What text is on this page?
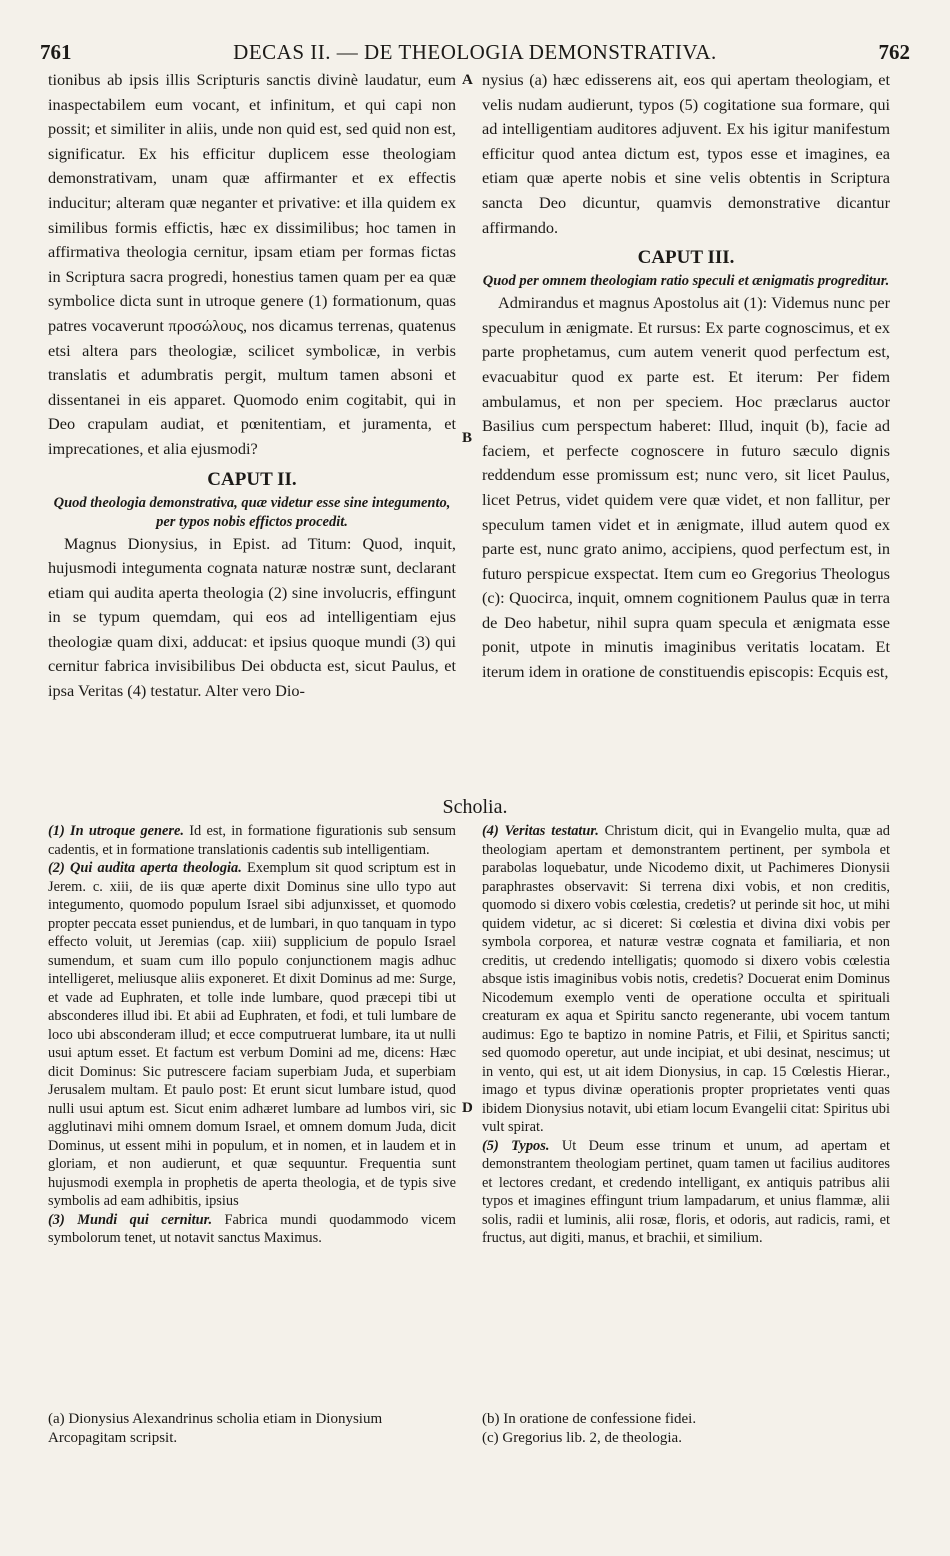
761	DECAS II. — DE THEOLOGIA DEMONSTRATIVA.	762

tionibus ab ipsis illis Scripturis sanctis divinè laudatur, eum inaspectabilem eum vocant, et infinitum, et qui capi non possit; et similiter in aliis, unde non quid est, sed quid non est, significatur. Ex his efficitur duplicem esse theologiam demonstrativam, unam quæ affirmanter et ex effectis inducitur; alteram quæ neganter et privative: et illa quidem ex similibus formis effictis, hæc ex dissimilibus; hoc tamen in affirmativa theologia cernitur, ipsam etiam per formas fictas in Scriptura sacra progredi, honestius tamen quam per ea quæ symbolice dicta sunt in utroque genere (1) formationum, quas patres vocaverunt προσώλους, nos dicamus terrenas, quatenus etsi altera pars theologiæ, scilicet symbolicæ, in verbis translatis et adumbratis pergit, multum tamen absoni et dissentanei in eis apparet. Quomodo enim cogitabit, qui in Deo crapulam audiat, et pœnitentiam, et juramenta, et imprecationes, et alia ejusmodi?

CAPUT II.

Quod theologia demonstrativa, quæ videtur esse sine integumento, per typos nobis effictos procedit.

Magnus Dionysius, in Epist. ad Titum: Quod, inquit, hujusmodi integumenta cognata naturæ nostræ sunt, declarant etiam qui audita aperta theologia (2) sine involucris, effingunt in se typum quemdam, qui eos ad intelligentiam ejus theologiæ quam dixi, adducat: et ipsius quoque mundi (3) qui cernitur fabrica invisibilibus Dei obducta est, sicut Paulus, et ipsa Veritas (4) testatur. Alter vero Dio-

A
B

nysius (a) hæc edisserens ait, eos qui apertam theologiam, et velis nudam audierunt, typos (5) cogitatione sua formare, qui ad intelligentiam auditores adjuvent. Ex his igitur manifestum efficitur quod antea dictum est, typos esse et imagines, ea etiam quæ aperte nobis et sine velis obtentis in Scriptura sancta Deo dicuntur, quamvis demonstrative dicantur affirmando.

CAPUT III.

Quod per omnem theologiam ratio speculi et ænigmatis progreditur.

Admirandus et magnus Apostolus ait (1): Videmus nunc per speculum in ænigmate. Et rursus: Ex parte cognoscimus, et ex parte prophetamus, cum autem venerit quod perfectum est, evacuabitur quod ex parte est. Et iterum: Per fidem ambulamus, et non per speciem. Hoc præclarus auctor Basilius cum perspectum haberet: Illud, inquit (b), facie ad faciem, et perfecte cognoscere in futuro sæculo dignis reddendum esse promissum est; nunc vero, sit licet Paulus, licet Petrus, videt quidem vere quæ videt, et non fallitur, per speculum tamen videt et in ænigmate, illud autem quod ex parte est, nunc grato animo, accipiens, quod perfectum est, in futuro perspicue exspectat. Item cum eo Gregorius Theologus (c): Quocirca, inquit, omnem cognitionem Paulus quæ in terra de Deo habetur, nihil supra quam specula et ænigmata esse ponit, utpote in minutis imaginibus veritatis locatam. Et iterum idem in oratione de constituendis episcopis: Ecquis est,

Scholia.

(1) In utroque genere. Id est, in formatione figurationis sub sensum cadentis, et in formatione translationis cadentis sub intelligentiam.

(2) Qui audita aperta theologia. Exemplum sit quod scriptum est in Jerem. c. xiii, de iis quæ aperte dixit Dominus sine ullo typo aut integumento, quomodo populum Israel sibi adjunxisset, et quomodo propter peccata esset puniendus, et de lumbari, in quo tanquam in typo effecto voluit, ut Jeremias (cap. xiii) supplicium de populo Israel sumendum, et suam cum illo populo conjunctionem magis adhuc intelligeret, meliusque aliis exponeret. Et dixit Dominus ad me: Surge, et vade ad Euphraten, et tolle inde lumbare, quod præcepi tibi ut absconderes illud ibi. Et abii ad Euphraten, et fodi, et tuli lumbare de loco ubi absconderam illud; et ecce computruerat lumbare, ita ut nulli usui aptum esset. Et factum est verbum Domini ad me, dicens: Hæc dicit Dominus: Sic putrescere faciam superbiam Juda, et superbiam Jerusalem multam. Et paulo post: Et erunt sicut lumbare istud, quod nulli usui aptum est. Sicut enim adhæret lumbare ad lumbos viri, sic agglutinavi mihi omnem domum Israel, et omnem domum Juda, dicit Dominus, ut essent mihi in populum, et in nomen, et in laudem et in gloriam, et non audierunt, et quæ sequuntur. Frequentia sunt hujusmodi exempla in prophetis de aperta theologia, et de typis sive symbolis ad eam adhibitis, ipsius

(3) Mundi qui cernitur. Fabrica mundi quodammodo vicem symbolorum tenet, ut notavit sanctus Maximus.

D

(4) Veritas testatur. Christum dicit, qui in Evangelio multa, quæ ad theologiam apertam et demonstrantem pertinent, per symbola et parabolas loquebatur, unde Nicodemo dixit, ut Pachimeres Dionysii paraphrastes observavit: Si terrena dixi vobis, et non creditis, quomodo si dixero vobis cœlestia, credetis? ut perinde sit hoc, ut mihi quidem videtur, ac si diceret: Si cœlestia et divina dixi vobis per symbola corporea, et naturæ vestræ cognata et familiaria, et non creditis, ut credendo intelligatis; quomodo si dixero vobis cœlestia absque istis imaginibus vobis notis, credetis? Docuerat enim Dominus Nicodemum exemplo venti de operatione occulta et spirituali creaturam ex aqua et Spiritu sancto regenerante, ubi vocem tantum audimus: Ego te baptizo in nomine Patris, et Filii, et Spiritus sancti; sed quomodo operetur, aut unde incipiat, et ubi desinat, nescimus; ut in vento, qui est, ut ait idem Dionysius, in cap. 15 Cœlestis Hierar., imago et typus divinæ operationis propter proprietates venti quas ibidem Dionysius notavit, ubi etiam locum Evangelii citat: Spiritus ubi vult spirat.

(5) Typos. Ut Deum esse trinum et unum, ad apertam et demonstrantem theologiam pertinet, quam tamen ut facilius auditores et lectores credant, et credendo intelligant, ex antiquis patribus alii typos et imagines effingunt trium lampadarum, et unius flammæ, alii solis, radii et luminis, alii rosæ, floris, et odoris, aut radicis, rami, et fructus, aut digiti, manus, et brachii, et similium.

(a) Dionysius Alexandrinus scholia etiam in Dionysium Arcopagitam scripsit.

(b) In oratione de confessione fidei.

(c) Gregorius lib. 2, de theologia.
